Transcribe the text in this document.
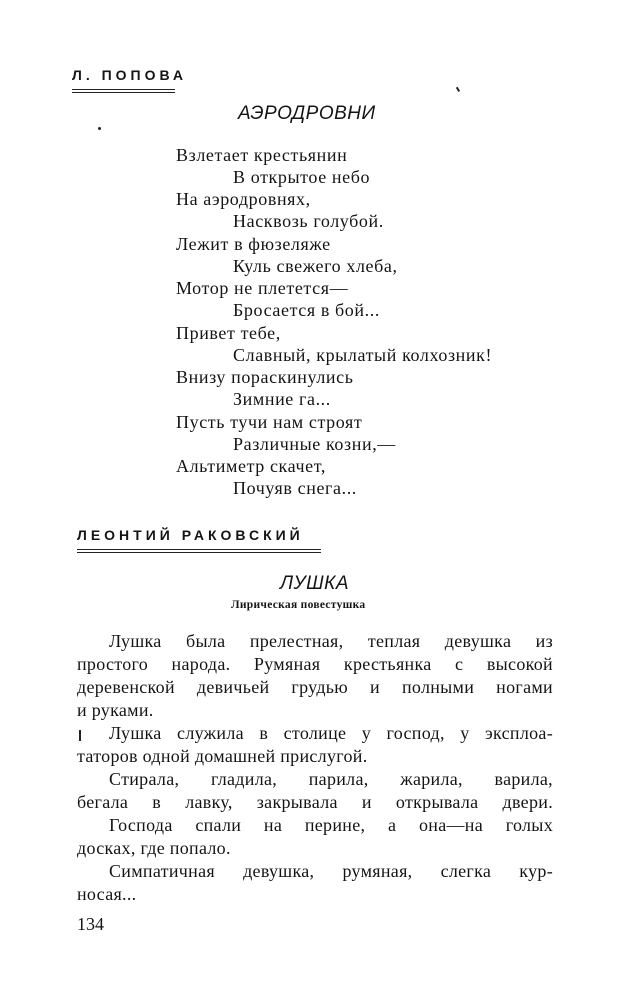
Л. ПОПОВА
АЭРОДРОВНИ
Взлетает крестьянин
В открытое небо
На аэродровнях,
Насквозь голубой.
Лежит в фюзеляже
Куль свежего хлеба,
Мотор не плетется—
Бросается в бой...
Привет тебе,
Славный, крылатый колхозник!
Внизу пораскинулись
Зимние га...
Пусть тучи нам строят
Различные козни,—
Альтиметр скачет,
Почуяв снега...
ЛЕОНТИЙ РАКОВСКИЙ
ЛУШКА
Лирическая повестушка
Лушка была прелестная, теплая девушка из
простого народа. Румяная крестьянка с высокой
деревенской девичьей грудью и полными ногами
и руками.
Лушка служила в столице у господ, у эксплоа-
таторов одной домашней прислугой.
Стирала, гладила, парила, жарила, варила,
бегала в лавку, закрывала и открывала двери.
Господа спали на перине, а она—на голых
досках, где попало.
Симпатичная девушка, румяная, слегка кур-
носая...
134
